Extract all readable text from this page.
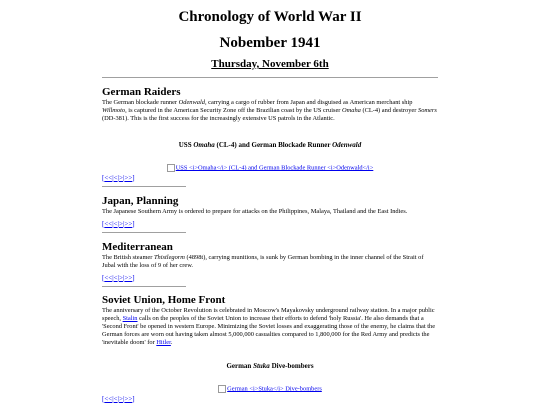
Chronology of World War II
Nobember 1941
Thursday, November 6th
German Raiders
The German blockade runner Odenwald, carrying a cargo of rubber from Japan and disguised as American merchant ship Willmoto, is captured in the American Security Zone off the Brazilian coast by the US cruiser Omaha (CL-4) and destroyer Somers (DD-381). This is the first success for the increasingly extensive US patrols in the Atlantic.
USS Omaha (CL-4) and German Blockade Runner Odenwald
USS <i>Omaha</i> (CL-4) and German Blockade Runner <i>Odenwald</i>
[<<|<|>|>>]
Japan, Planning
The Japanese Southern Army is ordered to prepare for attacks on the Philippines, Malaya, Thailand and the East Indies.
[<<|<|>|>>]
Mediterranean
The British steamer Thistlegorm (4898t), carrying munitions, is sunk by German bombing in the inner channel of the Strait of Jubal with the loss of 9 of her crew.
[<<|<|>|>>]
Soviet Union, Home Front
The anniversary of the October Revolution is celebrated in Moscow's Mayakovsky underground railway station. In a major public speech, Stalin calls on the peoples of the Soviet Union to increase their efforts to defend 'holy Russia'. He also demands that a 'Second Front' be opened in western Europe. Minimizing the Soviet losses and exaggerating those of the enemy, he claims that the German forces are worn out having taken almost 5,000,000 casualties compared to 1,800,000 for the Red Army and predicts the 'inevitable doom' for Hitler.
German Stuka Dive-bombers
German <i>Stuka</i> Dive-bombers
[<<|<|>|>>]
